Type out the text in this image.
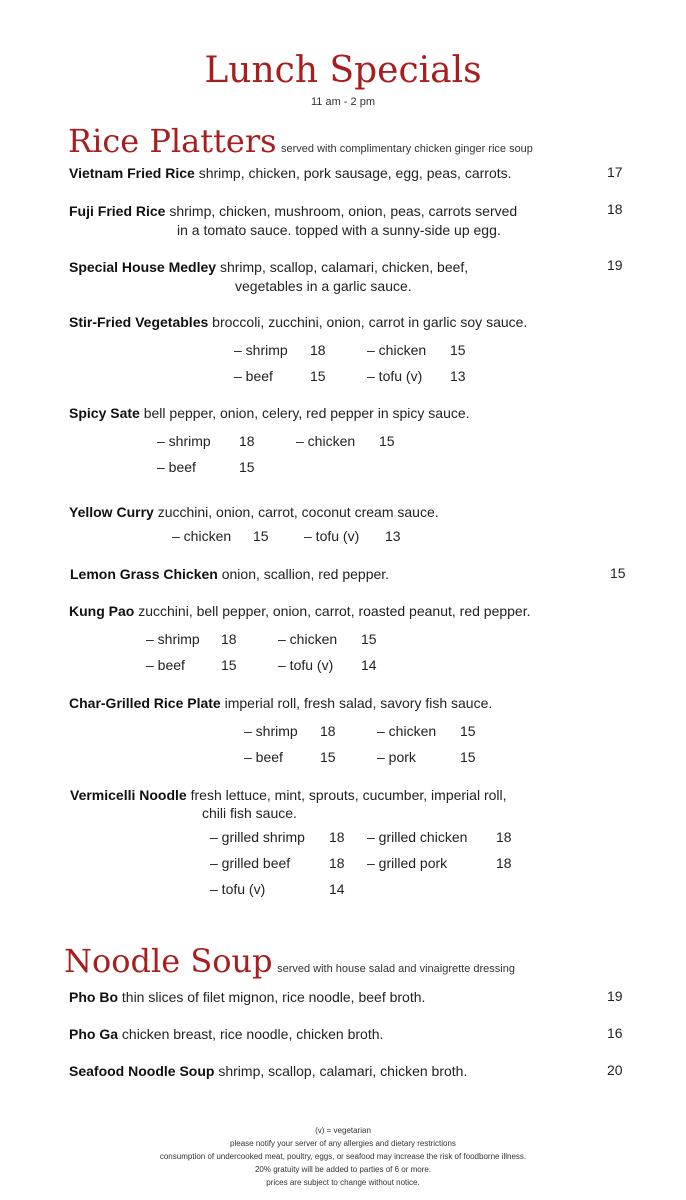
Lunch Specials
11 am - 2 pm
Rice Platters served with complimentary chicken ginger rice soup
Vietnam Fried Rice shrimp, chicken, pork sausage, egg, peas, carrots.	17
Fuji Fried Rice shrimp, chicken, mushroom, onion, peas, carrots served
in a tomato sauce. topped with a sunny-side up egg.
18
Special House Medley shrimp, scallop, calamari, chicken, beef,
vegetables in a garlic sauce.
19
Stir-Fried Vegetables broccoli, zucchini, onion, carrot in garlic soy sauce.
– shrimp 18	– chicken 15
– beef	15	– tofu (v) 13
Spicy Sate bell pepper, onion, celery, red pepper in spicy sauce.
– shrimp 18	– chicken 15
– beef	15
Yellow Curry zucchini, onion, carrot, coconut cream sauce.
– chicken 15	– tofu (v) 13
Lemon Grass Chicken onion, scallion, red pepper.	15
Kung Pao zucchini, bell pepper, onion, carrot, roasted peanut, red pepper.
– shrimp 18	– chicken 15
– beef	15	– tofu (v) 14
Char-Grilled Rice Plate imperial roll, fresh salad, savory fish sauce.
– shrimp 18	– chicken 15
– beef	15	– pork	15
Vermicelli Noodle fresh lettuce, mint, sprouts, cucumber, imperial roll,
chili fish sauce.
– grilled shrimp 18 – grilled chicken 18
– grilled beef	18 – grilled pork	18
– tofu (v)	14
Noodle Soup served with house salad and vinaigrette dressing
Pho Bo thin slices of filet mignon, rice noodle, beef broth.	19
Pho Ga chicken breast, rice noodle, chicken broth.	16
Seafood Noodle Soup shrimp, scallop, calamari, chicken broth.	20
(v) = vegetarian
please notify your server of any allergies and dietary restrictions
consumption of undercooked meat, poultry, eggs, or seafood may increase the risk of foodborne illness.
20% gratuity will be added to parties of 6 or more.
prices are subject to change without notice.
